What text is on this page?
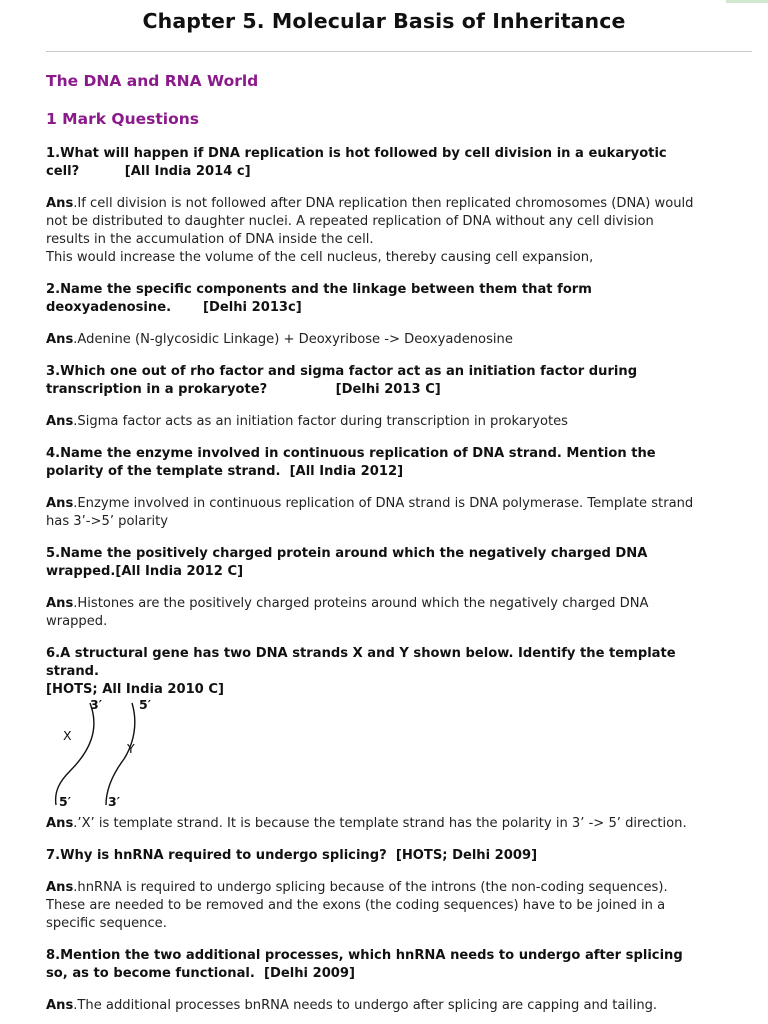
Chapter 5. Molecular Basis of Inheritance
The DNA and RNA World
1 Mark Questions

1.What will happen if DNA replication is hot followed by cell division in a eukaryotic
cell?          [All India 2014 c]

Ans.If cell division is not followed after DNA replication then replicated chromosomes (DNA) would
not be distributed to daughter nuclei. A repeated replication of DNA without any cell division
results in the accumulation of DNA inside the cell.
This would increase the volume of the cell nucleus, thereby causing cell expansion,

2.Name the specific components and the linkage between them that form
deoxyadenosine.       [Delhi 2013c]

Ans.Adenine (N-glycosidic Linkage) + Deoxyribose -> Deoxyadenosine

3.Which one out of rho factor and sigma factor act as an initiation factor during
transcription in a prokaryote?               [Delhi 2013 C]

Ans.Sigma factor acts as an initiation factor during transcription in prokaryotes

4.Name the enzyme involved in continuous replication of DNA strand. Mention the
polarity of the template strand.  [All India 2012]

Ans.Enzyme involved in continuous replication of DNA strand is DNA polymerase. Template strand
has 3’->5’ polarity

5.Name the positively charged protein around which the negatively charged DNA
wrapped.[All India 2012 C]

Ans.Histones are the positively charged proteins around which the negatively charged DNA
wrapped.

6.A structural gene has two DNA strands X and Y shown below. Identify the template
strand.
[HOTS; All India 2010 C]

3′	5′
X
Y
5′	3′

Ans.’X’ is template strand. It is because the template strand has the polarity in 3’ -> 5’ direction.

7.Why is hnRNA required to undergo splicing?  [HOTS; Delhi 2009]

Ans.hnRNA is required to undergo splicing because of the introns (the non-coding sequences).
These are needed to be removed and the exons (the coding sequences) have to be joined in a
specific sequence.

8.Mention the two additional processes, which hnRNA needs to undergo after splicing
so, as to become functional.  [Delhi 2009]

Ans.The additional processes bnRNA needs to undergo after splicing are capping and tailing.
